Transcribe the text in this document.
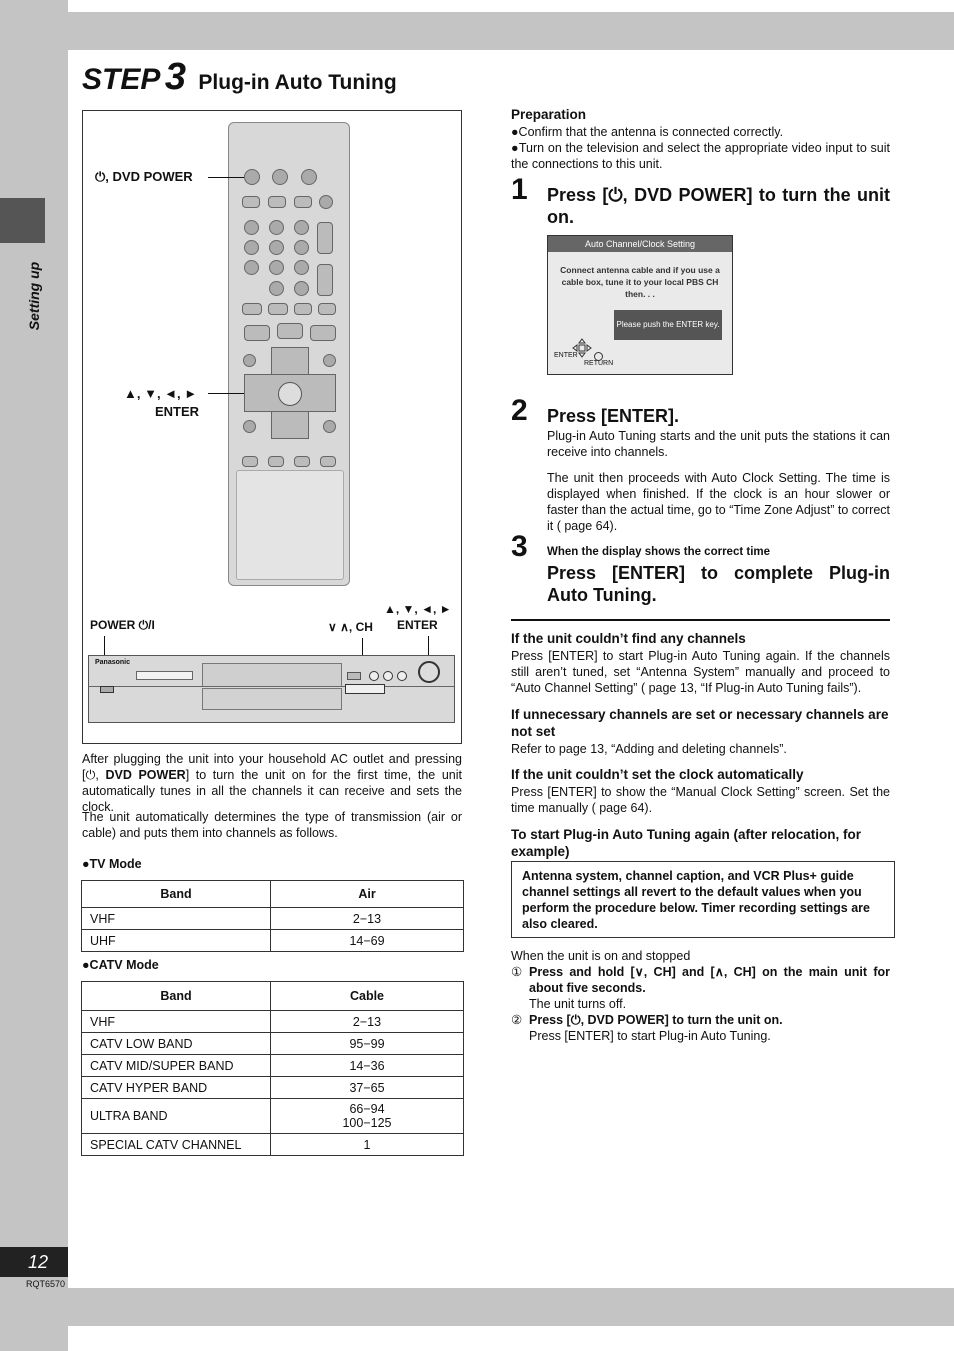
Setting up
12
RQT6570
STEP 3 Plug-in Auto Tuning
⏻, DVD POWER
▲, ▼, ◄, ►
ENTER
POWER ⏻/I	∨ ∧, CH
▲, ▼, ◄, ►
ENTER
Panasonic
After plugging the unit into your household AC outlet and pressing [⏻, DVD POWER] to turn the unit on for the first time, the unit automatically tunes in all the channels it can receive and sets the clock.
The unit automatically determines the type of transmission (air or cable) and puts them into channels as follows.
●TV Mode
Band	Air
VHF	2−13
UHF	14−69
●CATV Mode
Band	Cable
VHF	2−13
CATV LOW BAND	95−99
CATV MID/SUPER BAND	14−36
CATV HYPER BAND	37−65
ULTRA BAND	66−94
100−125

SPECIAL CATV CHANNEL	1
Preparation
●Confirm that the antenna is connected correctly.
●Turn on the television and select the appropriate video input to suit the connections to this unit.
1 Press [⏻, DVD POWER] to turn the unit on.
Auto Channel/Clock Setting
Connect antenna cable and if you use a cable box, tune it to your local PBS CH then. . .
Please push the ENTER key.
ENTER
RETURN
2 Press [ENTER].
Plug-in Auto Tuning starts and the unit puts the stations it can receive into channels.
The unit then proceeds with Auto Clock Setting. The time is displayed when finished. If the clock is an hour slower or faster than the actual time, go to “Time Zone Adjust” to correct it ( page 64).
3 When the display shows the correct time
Press [ENTER] to complete Plug-in Auto Tuning.
If the unit couldn’t find any channels
Press [ENTER] to start Plug-in Auto Tuning again. If the channels still aren’t tuned, set “Antenna System” manually and proceed to “Auto Channel Setting” ( page 13, “If Plug-in Auto Tuning fails”).
If unnecessary channels are set or necessary channels are not set
Refer to page 13, “Adding and deleting channels”.
If the unit couldn’t set the clock automatically
Press [ENTER] to show the “Manual Clock Setting” screen. Set the time manually ( page 64).
To start Plug-in Auto Tuning again (after relocation, for example)
Antenna system, channel caption, and VCR Plus+ guide channel settings all revert to the default values when you perform the procedure below. Timer recording settings are also cleared.
When the unit is on and stopped
① Press and hold [∨, CH] and [∧, CH] on the main unit for about five seconds.
The unit turns off.
② Press [⏻, DVD POWER] to turn the unit on.
Press [ENTER] to start Plug-in Auto Tuning.
